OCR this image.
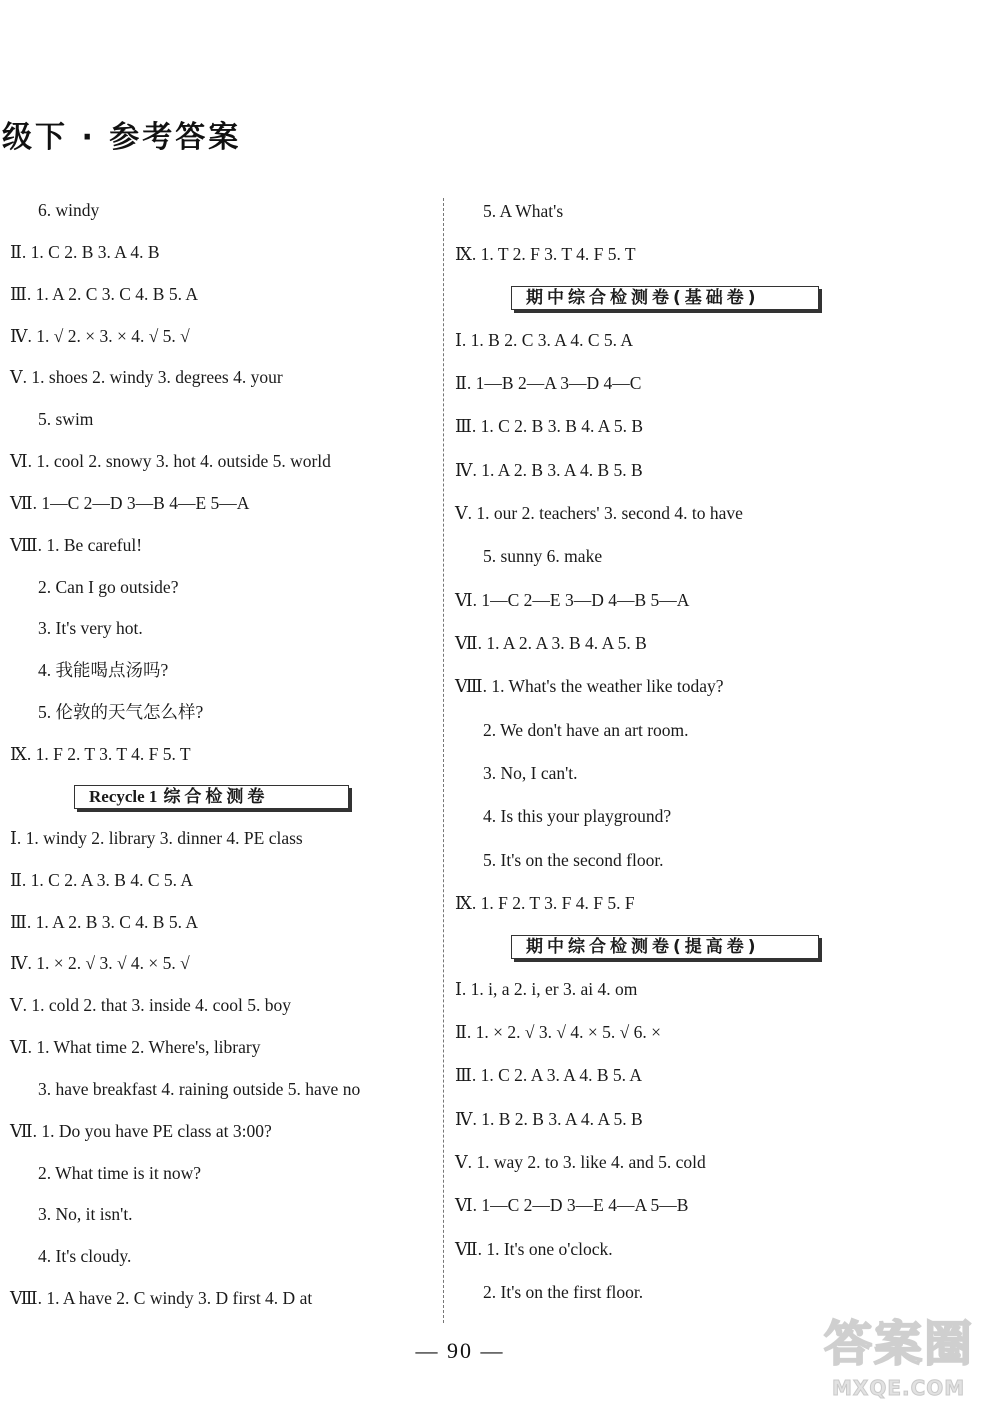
级下 · 参考答案
6. windy
Ⅱ. 1. C 2. B 3. A 4. B
Ⅲ. 1. A 2. C 3. C 4. B 5. A
Ⅳ. 1. √ 2. × 3. × 4. √ 5. √
Ⅴ. 1. shoes 2. windy 3. degrees 4. your
5. swim
Ⅵ. 1. cool 2. snowy 3. hot 4. outside 5. world
Ⅶ. 1—C 2—D 3—B 4—E 5—A
Ⅷ. 1. Be careful!
2. Can I go outside?
3. It's very hot.
4. 我能喝点汤吗?
5. 伦敦的天气怎么样?
Ⅸ. 1. F 2. T 3. T 4. F 5. T
Recycle 1 综合检测卷
Ⅰ. 1. windy 2. library 3. dinner 4. PE class
Ⅱ. 1. C 2. A 3. B 4. C 5. A
Ⅲ. 1. A 2. B 3. C 4. B 5. A
Ⅳ. 1. × 2. √ 3. √ 4. × 5. √
Ⅴ. 1. cold 2. that 3. inside 4. cool 5. boy
Ⅵ. 1. What time 2. Where's, library
3. have breakfast 4. raining outside 5. have no
Ⅶ. 1. Do you have PE class at 3:00?
2. What time is it now?
3. No, it isn't.
4. It's cloudy.
Ⅷ. 1. A have 2. C windy 3. D first 4. D at
5. A What's
Ⅸ. 1. T 2. F 3. T 4. F 5. T
期中综合检测卷(基础卷)
Ⅰ. 1. B 2. C 3. A 4. C 5. A
Ⅱ. 1—B 2—A 3—D 4—C
Ⅲ. 1. C 2. B 3. B 4. A 5. B
Ⅳ. 1. A 2. B 3. A 4. B 5. B
Ⅴ. 1. our 2. teachers' 3. second 4. to have
5. sunny 6. make
Ⅵ. 1—C 2—E 3—D 4—B 5—A
Ⅶ. 1. A 2. A 3. B 4. A 5. B
Ⅷ. 1. What's the weather like today?
2. We don't have an art room.
3. No, I can't.
4. Is this your playground?
5. It's on the second floor.
Ⅸ. 1. F 2. T 3. F 4. F 5. F
期中综合检测卷(提高卷)
Ⅰ. 1. i, a 2. i, er 3. ai 4. om
Ⅱ. 1. × 2. √ 3. √ 4. × 5. √ 6. ×
Ⅲ. 1. C 2. A 3. A 4. B 5. A
Ⅳ. 1. B 2. B 3. A 4. A 5. B
Ⅴ. 1. way 2. to 3. like 4. and 5. cold
Ⅵ. 1—C 2—D 3—E 4—A 5—B
Ⅶ. 1. It's one o'clock.
2. It's on the first floor.
— 90 —	答案圈
MXQE.COM
